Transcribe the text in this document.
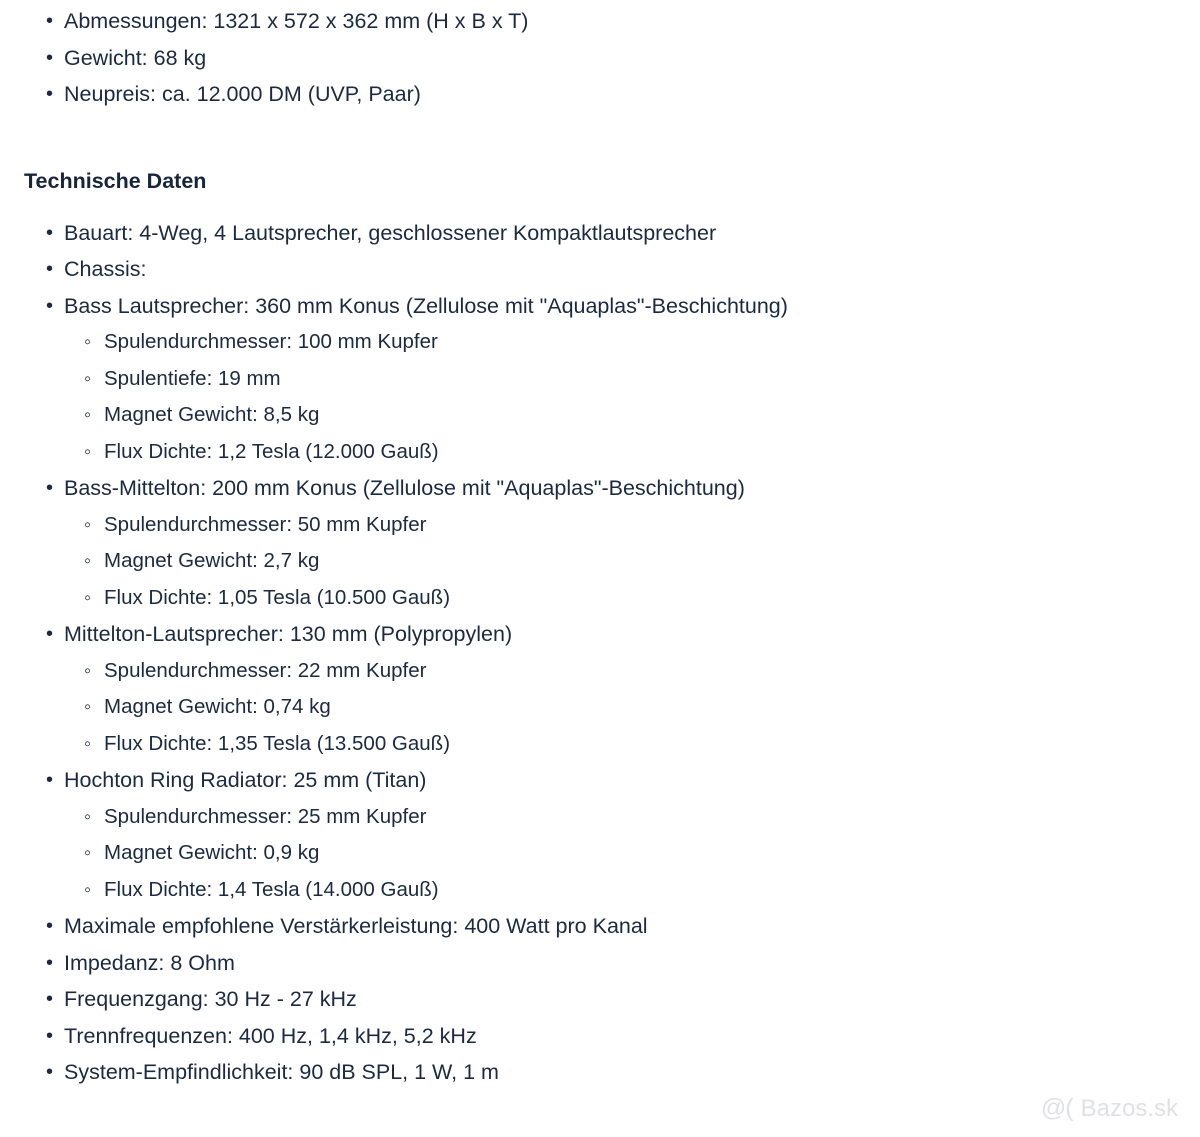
• Abmessungen: 1321 x 572 x 362 mm (H x B x T)
• Gewicht: 68 kg
• Neupreis: ca. 12.000 DM (UVP, Paar)
Technische Daten
• Bauart: 4-Weg, 4 Lautsprecher, geschlossener Kompaktlautsprecher
• Chassis:
• Bass Lautsprecher: 360 mm Konus (Zellulose mit "Aquaplas"-Beschichtung)
◦ Spulendurchmesser: 100 mm Kupfer
◦ Spulentiefe: 19 mm
◦ Magnet Gewicht: 8,5 kg
◦ Flux Dichte: 1,2 Tesla (12.000 Gauß)
• Bass-Mittelton: 200 mm Konus (Zellulose mit "Aquaplas"-Beschichtung)
◦ Spulendurchmesser: 50 mm Kupfer
◦ Magnet Gewicht: 2,7 kg
◦ Flux Dichte: 1,05 Tesla (10.500 Gauß)
• Mittelton-Lautsprecher: 130 mm (Polypropylen)
◦ Spulendurchmesser: 22 mm Kupfer
◦ Magnet Gewicht: 0,74 kg
◦ Flux Dichte: 1,35 Tesla (13.500 Gauß)
• Hochton Ring Radiator: 25 mm (Titan)
◦ Spulendurchmesser: 25 mm Kupfer
◦ Magnet Gewicht: 0,9 kg
◦ Flux Dichte: 1,4 Tesla (14.000 Gauß)
• Maximale empfohlene Verstärkerleistung: 400 Watt pro Kanal
• Impedanz: 8 Ohm
• Frequenzgang: 30 Hz - 27 kHz
• Trennfrequenzen: 400 Hz, 1,4 kHz, 5,2 kHz
• System-Empfindlichkeit: 90 dB SPL, 1 W, 1 m
@( Bazos.sk
